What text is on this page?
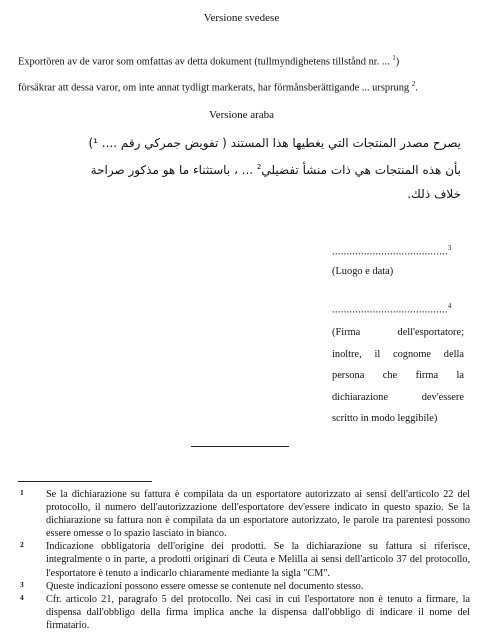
Versione svedese
Exportören av de varor som omfattas av detta dokument (tullmyndighetens tillstånd nr. ... $^1$)
försäkrar att dessa varor, om inte annat tydligt markerats, har förmånsberättigande ... ursprung $^2$.
Versione araba
يصرح مصدر المنتجات التي يغطيها هذا المستند ( تفويض جمركي رقم .... ¹)
بأن هذه المنتجات هي ذات منشأ تفضيلي$^2$ ... ، باستثناء ما هو مذكور صراحة
خلاف ذلك.
........................................$^3$
(Luogo e data)
........................................$^4$
(Firma	dell'esportatore;
inoltre, il cognome della
persona che firma la
dichiarazione	dev'essere
scritto in modo leggibile)
1	Se la dichiarazione su fattura è compilata da un esportatore autorizzato ai sensi dell'articolo 22 del protocollo, il numero dell'autorizzazione dell'esportatore dev'essere indicato in questo spazio. Se la dichiarazione su fattura non è compilata da un esportatore autorizzato, le parole tra parentesi possono essere omesse o lo spazio lasciato in bianco.
2	Indicazione obbligatoria dell'origine dei prodotti. Se la dichiarazione su fattura si riferisce, integralmente o in parte, a prodotti originari di Ceuta e Melilla ai sensi dell'articolo 37 del protocollo, l'esportatore è tenuto a indicarlo chiaramente mediante la sigla "CM".
3	Queste indicazioni possono essere omesse se contenute nel documento stesso.
4	Cfr. articolo 21, paragrafo 5 del protocollo. Nei casi in cui l'esportatore non è tenuto a firmare, la dispensa dall'obbligo della firma implica anche la dispensa dall'obbligo di indicare il nome del firmatario.
